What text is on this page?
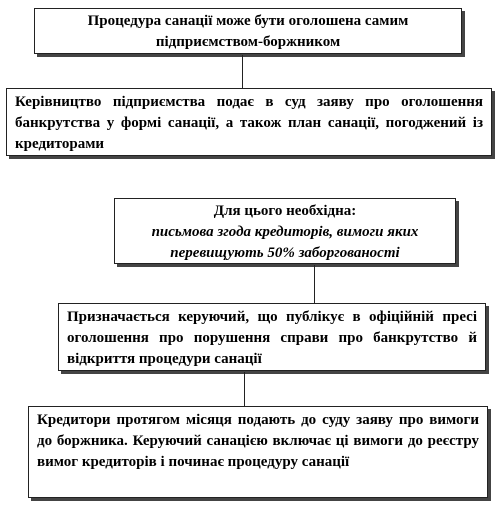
Процедура санації може бути оголошена самим
підприємством-боржником
Керівництво підприємства подає в суд заяву про оголошення банкрутства у формі санації, а також план санації, погоджений із кредиторами
Для цього необхідна:
письмова згода кредиторів, вимоги яких перевищують 50% заборгованості
Призначається керуючий, що публікує в офіційній пресі оголошення про порушення справи про банкрутство й відкриття процедури санації
Кредитори протягом місяця подають до суду заяву про вимоги до боржника. Керуючий санацією включає ці вимоги до реєстру вимог кредиторів і починає процедуру санації
